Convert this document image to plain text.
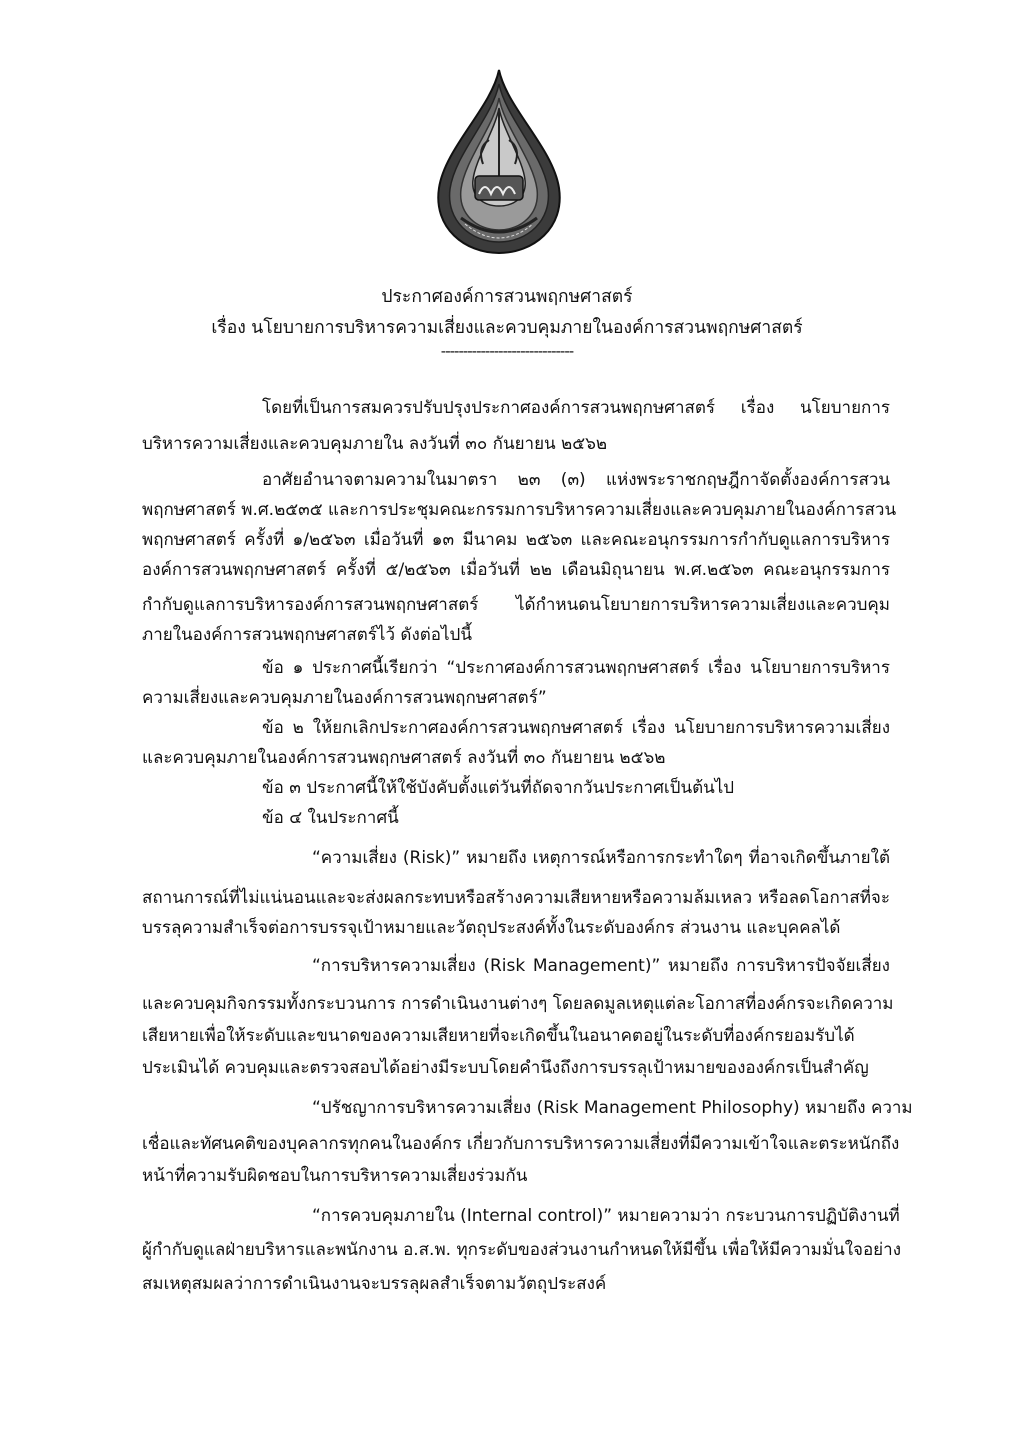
ประกาศองค์การสวนพฤกษศาสตร์
เรื่อง นโยบายการบริหารความเสี่ยงและควบคุมภายในองค์การสวนพฤกษศาสตร์
------------------------------
โดยที่เป็นการสมควรปรับปรุงประกาศองค์การสวนพฤกษศาสตร์ เรื่อง นโยบายการ
บริหารความเสี่ยงและควบคุมภายใน ลงวันที่ ๓๐ กันยายน ๒๕๖๒
อาศัยอำนาจตามความในมาตรา ๒๓ (๓) แห่งพระราชกฤษฎีกาจัดตั้งองค์การสวน
พฤกษศาสตร์ พ.ศ.๒๕๓๕ และการประชุมคณะกรรมการบริหารความเสี่ยงและควบคุมภายในองค์การสวน
พฤกษศาสตร์ ครั้งที่ ๑/๒๕๖๓ เมื่อวันที่ ๑๓ มีนาคม ๒๕๖๓ และคณะอนุกรรมการกำกับดูแลการบริหาร
องค์การสวนพฤกษศาสตร์ ครั้งที่ ๕/๒๕๖๓ เมื่อวันที่ ๒๒ เดือนมิถุนายน พ.ศ.๒๕๖๓ คณะอนุกรรมการ
กำกับดูแลการบริหารองค์การสวนพฤกษศาสตร์ ได้กำหนดนโยบายการบริหารความเสี่ยงและควบคุม
ภายในองค์การสวนพฤกษศาสตร์ไว้ ดังต่อไปนี้
ข้อ ๑ ประกาศนี้เรียกว่า “ประกาศองค์การสวนพฤกษศาสตร์ เรื่อง นโยบายการบริหาร
ความเสี่ยงและควบคุมภายในองค์การสวนพฤกษศาสตร์”
ข้อ ๒ ให้ยกเลิกประกาศองค์การสวนพฤกษศาสตร์ เรื่อง นโยบายการบริหารความเสี่ยง
และควบคุมภายในองค์การสวนพฤกษศาสตร์ ลงวันที่ ๓๐ กันยายน ๒๕๖๒
ข้อ ๓ ประกาศนี้ให้ใช้บังคับตั้งแต่วันที่ถัดจากวันประกาศเป็นต้นไป
ข้อ ๔ ในประกาศนี้
“ความเสี่ยง (Risk)” หมายถึง เหตุการณ์หรือการกระทำใดๆ ที่อาจเกิดขึ้นภายใต้
สถานการณ์ที่ไม่แน่นอนและจะส่งผลกระทบหรือสร้างความเสียหายหรือความล้มเหลว หรือลดโอกาสที่จะ
บรรลุความสำเร็จต่อการบรรจุเป้าหมายและวัตถุประสงค์ทั้งในระดับองค์กร ส่วนงาน และบุคคลได้
“การบริหารความเสี่ยง (Risk Management)” หมายถึง การบริหารปัจจัยเสี่ยง
และควบคุมกิจกรรมทั้งกระบวนการ การดำเนินงานต่างๆ โดยลดมูลเหตุแต่ละโอกาสที่องค์กรจะเกิดความ
เสียหายเพื่อให้ระดับและขนาดของความเสียหายที่จะเกิดขึ้นในอนาคตอยู่ในระดับที่องค์กรยอมรับได้
ประเมินได้ ควบคุมและตรวจสอบได้อย่างมีระบบโดยคำนึงถึงการบรรลุเป้าหมายขององค์กรเป็นสำคัญ
“ปรัชญาการบริหารความเสี่ยง (Risk Management Philosophy) หมายถึง ความ
เชื่อและทัศนคติของบุคลากรทุกคนในองค์กร เกี่ยวกับการบริหารความเสี่ยงที่มีความเข้าใจและตระหนักถึง
หน้าที่ความรับผิดชอบในการบริหารความเสี่ยงร่วมกัน
“การควบคุมภายใน (Internal control)” หมายความว่า กระบวนการปฏิบัติงานที่
ผู้กำกับดูแลฝ่ายบริหารและพนักงาน อ.ส.พ. ทุกระดับของส่วนงานกำหนดให้มีขึ้น เพื่อให้มีความมั่นใจอย่าง
สมเหตุสมผลว่าการดำเนินงานจะบรรลุผลสำเร็จตามวัตถุประสงค์
